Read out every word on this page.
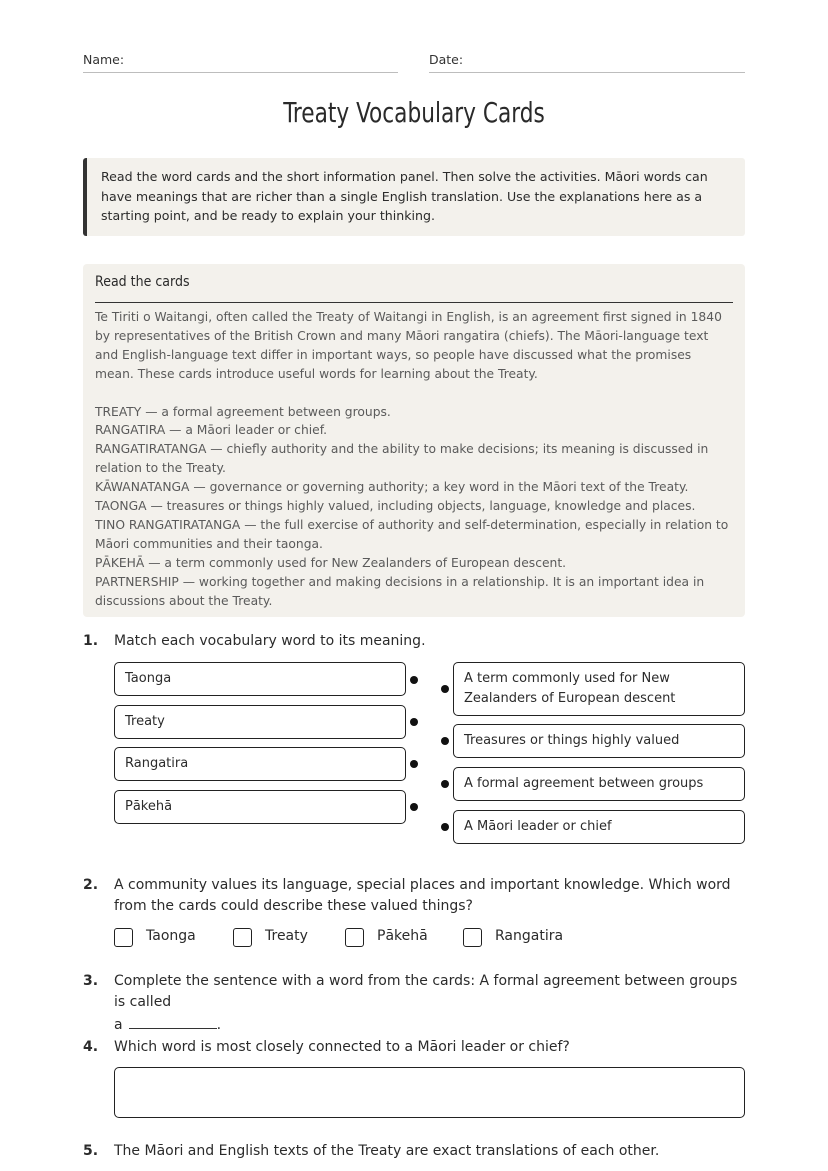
Name:	Date:
Treaty Vocabulary Cards
Read the word cards and the short information panel. Then solve the activities. Māori words can have meanings that are richer than a single English translation. Use the explanations here as a starting point, and be ready to explain your thinking.
Read the cards

Te Tiriti o Waitangi, often called the Treaty of Waitangi in English, is an agreement first signed in 1840 by representatives of the British Crown and many Māori rangatira (chiefs). The Māori-language text and English-language text differ in important ways, so people have discussed what the promises mean. These cards introduce useful words for learning about the Treaty.

TREATY — a formal agreement between groups.

RANGATIRA — a Māori leader or chief.

RANGATIRATANGA — chiefly authority and the ability to make decisions; its meaning is discussed in relation to the Treaty.

KĀWANATANGA — governance or governing authority; a key word in the Māori text of the Treaty.

TAONGA — treasures or things highly valued, including objects, language, knowledge and places.

TINO RANGATIRATANGA — the full exercise of authority and self-determination, especially in relation to Māori communities and their taonga.

PĀKEHĀ — a term commonly used for New Zealanders of European descent.

PARTNERSHIP — working together and making decisions in a relationship. It is an important idea in discussions about the Treaty.

1. Match each vocabulary word to its meaning.
Taonga
Treaty
Rangatira
Pākehā
A term commonly used for New Zealanders of European descent
Treasures or things highly valued
A formal agreement between groups
A Māori leader or chief
2. A community values its language, special places and important knowledge. Which word from the cards could describe these valued things?
Taonga	Treaty	Pākehā	Rangatira
3. Complete the sentence with a word from the cards: A formal agreement between groups is called
a	.
4. Which word is most closely connected to a Māori leader or chief?
5. The Māori and English texts of the Treaty are exact translations of each other.
